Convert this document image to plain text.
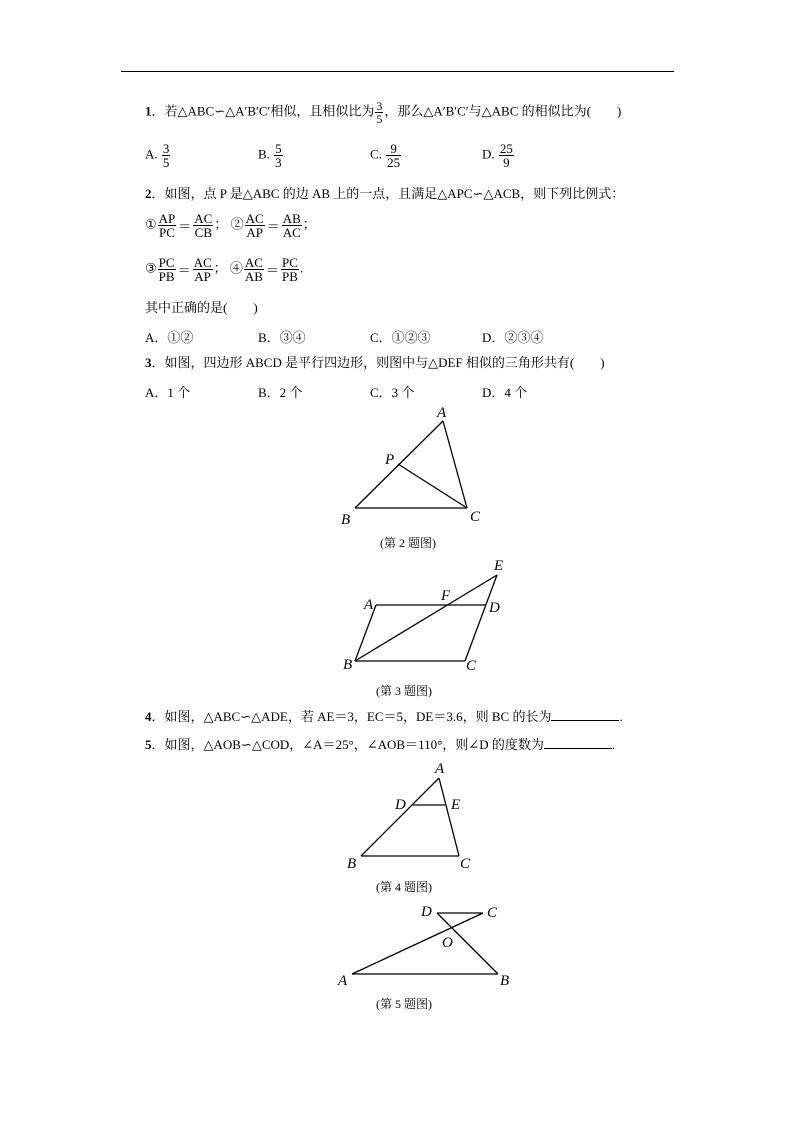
1．若△ABC∽△A′B′C′相似，且相似比为 $\frac{3}{5}$ ，那么△A′B′C′与△ABC 的相似比为(　　)
A. $\frac{3}{5}$	B. $\frac{5}{3}$	C. $\frac{9}{25}$	D. $\frac{25}{9}$
2．如图，点 P 是△ABC 的边 AB 上的一点，且满足△APC∽△ACB，则下列比例式：
① $\frac{AP}{PC} = \frac{AC}{CB}$ ； ② $\frac{AC}{AP} = \frac{AB}{AC}$ ；
③ $\frac{PC}{PB} = \frac{AC}{AP}$ ； ④ $\frac{AC}{AB} = \frac{PC}{PB}$ .
其中正确的是(　　)
A．①②	B．③④	C．①②③	D．②③④
3．如图，四边形 ABCD 是平行四边形，则图中与△DEF 相似的三角形共有(　　)
A．1 个	B．2 个	C．3 个	D．4 个
A
B	C
P
E
A
F
D
B	C
A
D	E
B	C
D	C
O
A	B
(第 2 题图)
(第 3 题图)
4．如图，△ABC∽△ADE，若 AE＝3，EC＝5，DE＝3.6，则 BC 的长为	.
5．如图，△AOB∽△COD，∠A＝25°，∠AOB＝110°，则∠D 的度数为	.
(第 4 题图)
(第 5 题图)
